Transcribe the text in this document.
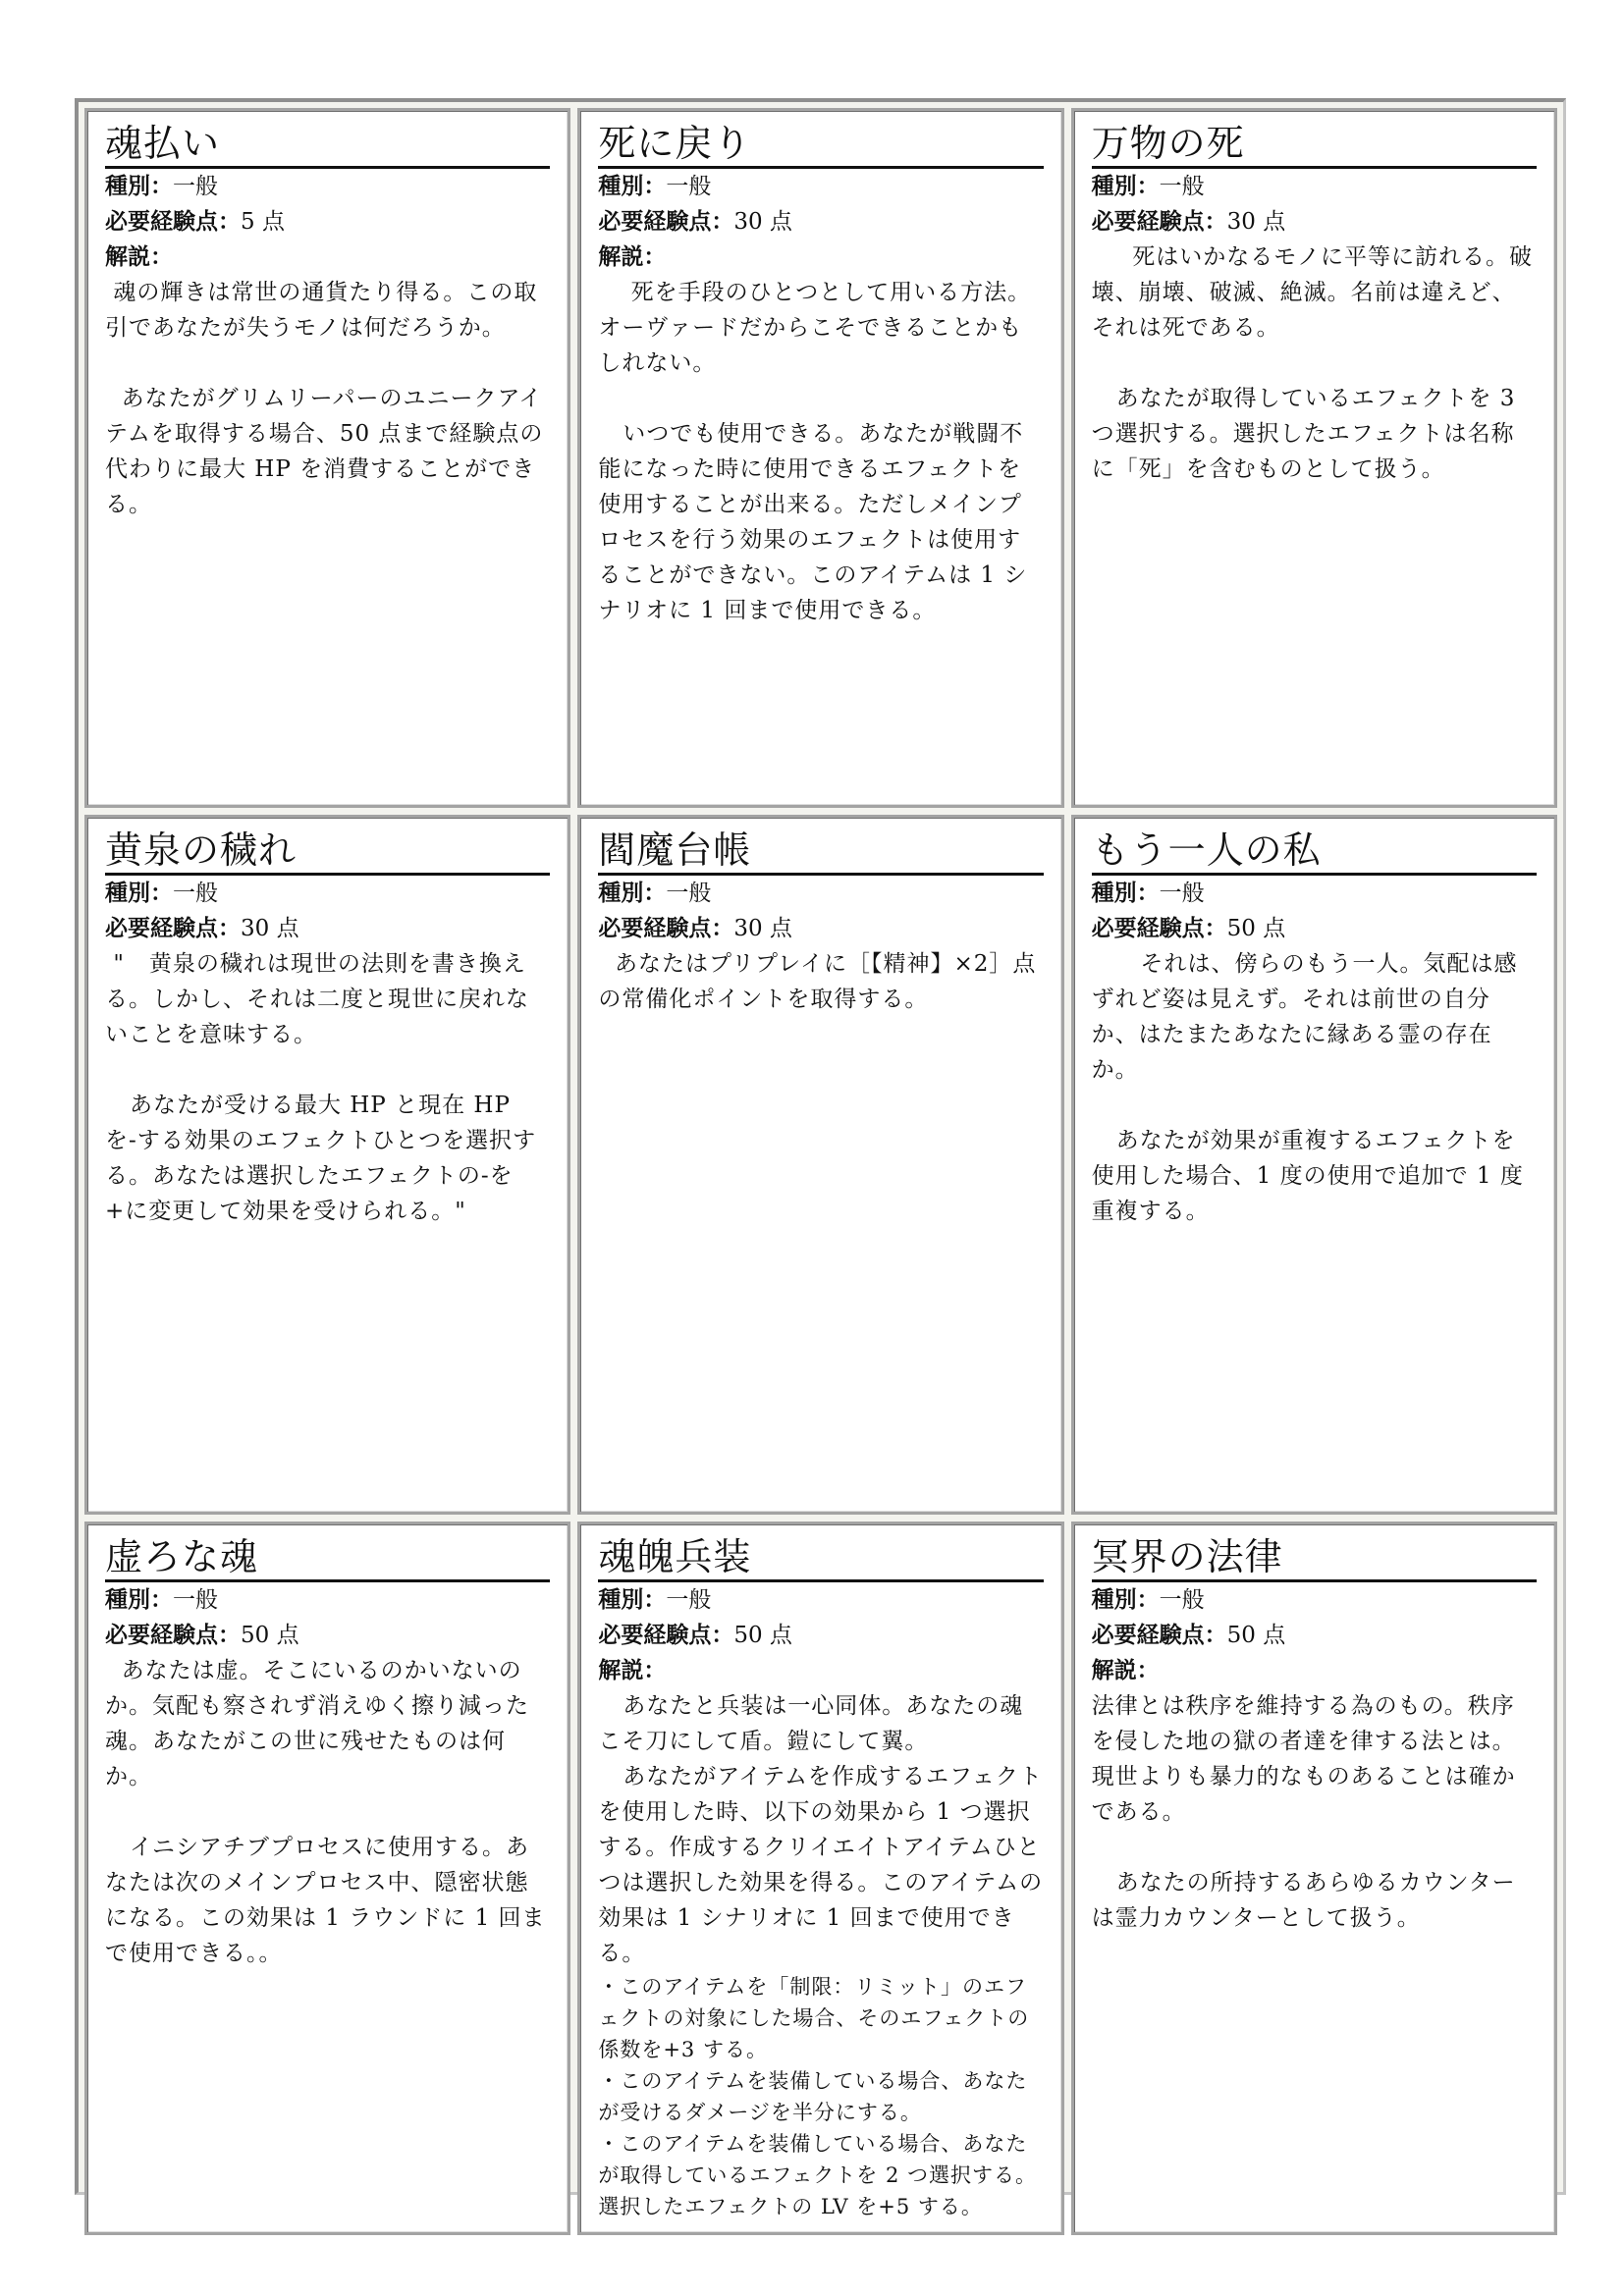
魂払い
種別：一般
必要経験点：5 点
解説：

魂の輝きは常世の通貨たり得る。この取引であなたが失うモノは何だろうか。

あなたがグリムリーパーのユニークアイテムを取得する場合、50 点まで経験点の代わりに最大 HP を消費することができる。

死に戻り
種別：一般
必要経験点：30 点
解説：

死を手段のひとつとして用いる方法。オーヴァードだからこそできることかもしれない。

いつでも使用できる。あなたが戦闘不能になった時に使用できるエフェクトを使用することが出来る。ただしメインプロセスを行う効果のエフェクトは使用することができない。このアイテムは 1 シナリオに 1 回まで使用できる。

万物の死
種別：一般
必要経験点：30 点

死はいかなるモノに平等に訪れる。破壊、崩壊、破滅、絶滅。名前は違えど、それは死である。

あなたが取得しているエフェクトを 3 つ選択する。選択したエフェクトは名称に「死」を含むものとして扱う。

黄泉の穢れ
種別：一般
必要経験点：30 点

"   黄泉の穢れは現世の法則を書き換える。しかし、それは二度と現世に戻れないことを意味する。

あなたが受ける最大 HP と現在 HP を-する効果のエフェクトひとつを選択する。あなたは選択したエフェクトの-を+に変更して効果を受けられる。"

閻魔台帳
種別：一般
必要経験点：30 点

あなたはプリプレイに［【精神】×2］点の常備化ポイントを取得する。

もう一人の私
種別：一般
必要経験点：50 点

それは、傍らのもう一人。気配は感ずれど姿は見えず。それは前世の自分か、はたまたあなたに縁ある霊の存在か。

あなたが効果が重複するエフェクトを使用した場合、1 度の使用で追加で 1 度重複する。

虚ろな魂
種別：一般
必要経験点：50 点

あなたは虚。そこにいるのかいないのか。気配も察されず消えゆく擦り減った魂。あなたがこの世に残せたものは何か。

イニシアチブプロセスに使用する。あなたは次のメインプロセス中、隠密状態になる。この効果は 1 ラウンドに 1 回まで使用できる。。

魂魄兵装
種別：一般
必要経験点：50 点
解説：

あなたと兵装は一心同体。あなたの魂こそ刀にして盾。鎧にして翼。

あなたがアイテムを作成するエフェクトを使用した時、以下の効果から 1 つ選択する。作成するクリイエイトアイテムひとつは選択した効果を得る。このアイテムの効果は 1 シナリオに 1 回まで使用できる。

・このアイテムを「制限：リミット」のエフェクトの対象にした場合、そのエフェクトの係数を+3 する。

・このアイテムを装備している場合、あなたが受けるダメージを半分にする。

・このアイテムを装備している場合、あなたが取得しているエフェクトを 2 つ選択する。選択したエフェクトの LV を+5 する。

冥界の法律
種別：一般
必要経験点：50 点
解説：

法律とは秩序を維持する為のもの。秩序を侵した地の獄の者達を律する法とは。現世よりも暴力的なものあることは確かである。

あなたの所持するあらゆるカウンターは霊力カウンターとして扱う。
